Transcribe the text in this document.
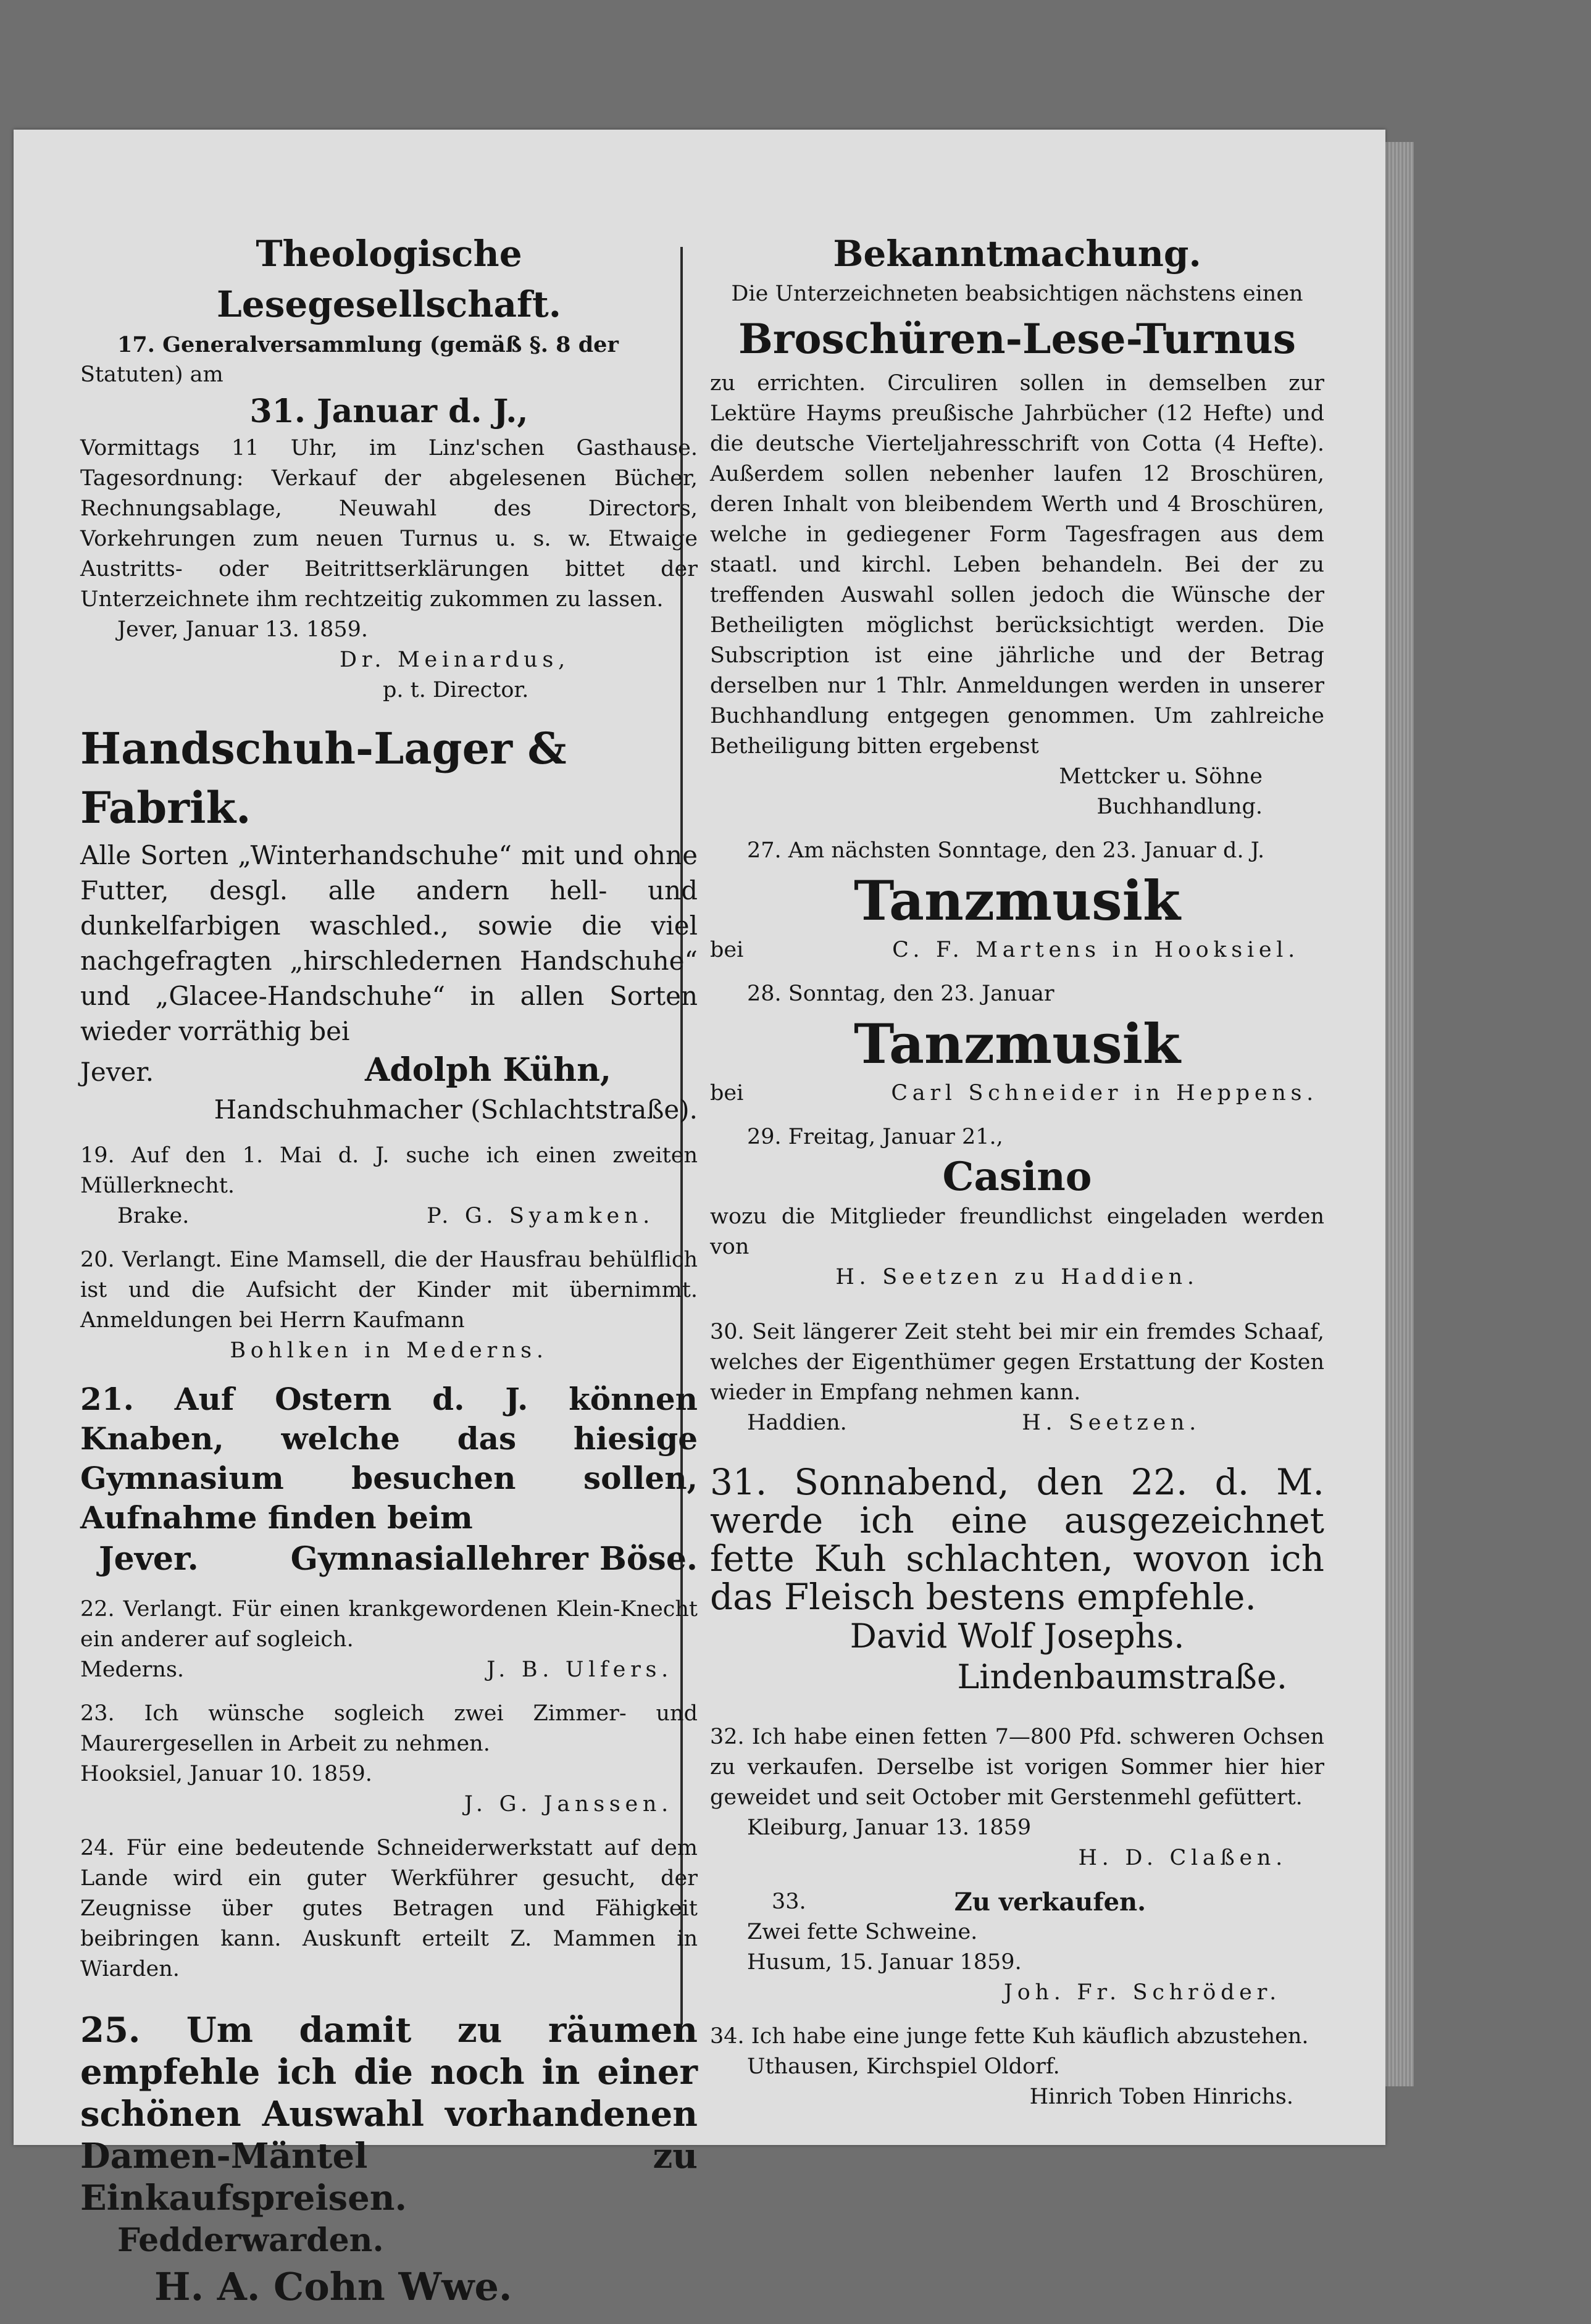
Theologische Lesegesellschaft.

17. Generalversammlung (gemäß §. 8 der

Statuten) am

31. Januar d. J.,

Vormittags 11 Uhr, im Linz'schen Gasthause. Tagesordnung: Verkauf der abgelesenen Bücher, Rechnungsablage, Neuwahl des Directors, Vorkehrungen zum neuen Turnus u. s. w. Etwaige Austritts- oder Beitrittserklärungen bittet der Unterzeichnete ihm rechtzeitig zukommen zu lassen.

Jever, Januar 13. 1859.

Dr. Meinardus,

p. t. Director.

Handschuh-Lager & Fabrik.

Alle Sorten „Winterhandschuhe“ mit und ohne Futter, desgl. alle andern hell- und dunkelfarbigen waschled., sowie die viel nachgefragten „hirschledernen Handschuhe“ und „Glacee-Handschuhe“ in allen Sorten wieder vorräthig bei

Jever.	Adolph Kühn,

Handschuhmacher (Schlachtstraße).

19. Auf den 1. Mai d. J. suche ich einen zweiten Müllerknecht.

Brake.	P. G. Syamken.

20. Verlangt. Eine Mamsell, die der Hausfrau behülflich ist und die Aufsicht der Kinder mit übernimmt. Anmeldungen bei Herrn Kaufmann

Bohlken in Mederns.

21. Auf Ostern d. J. können Knaben, welche das hiesige Gymnasium besuchen sollen, Aufnahme finden beim

Jever.	Gymnasiallehrer Böse.

22. Verlangt. Für einen krankgewordenen Klein-Knecht ein anderer auf sogleich.

Mederns.	J. B. Ulfers.

23. Ich wünsche sogleich zwei Zimmer- und Maurergesellen in Arbeit zu nehmen.

Hooksiel, Januar 10. 1859.

J. G. Janssen.

24. Für eine bedeutende Schneiderwerkstatt auf dem Lande wird ein guter Werkführer gesucht, der Zeugnisse über gutes Betragen und Fähigkeit beibringen kann. Auskunft erteilt Z. Mammen in Wiarden.

25. Um damit zu räumen empfehle ich die noch in einer schönen Auswahl vorhandenen Damen-Mäntel zu Einkaufspreisen.

Fedderwarden.

H. A. Cohn Wwe.

Bekanntmachung.

Die Unterzeichneten beabsichtigen nächstens einen

Broschüren-Lese-Turnus

zu errichten. Circuliren sollen in demselben zur Lektüre Hayms preußische Jahrbücher (12 Hefte) und die deutsche Vierteljahresschrift von Cotta (4 Hefte). Außerdem sollen nebenher laufen 12 Broschüren, deren Inhalt von bleibendem Werth und 4 Broschüren, welche in gediegener Form Tagesfragen aus dem staatl. und kirchl. Leben behandeln. Bei der zu treffenden Auswahl sollen jedoch die Wünsche der Betheiligten möglichst berücksichtigt werden. Die Subscription ist eine jährliche und der Betrag derselben nur 1 Thlr. Anmeldungen werden in unserer Buchhandlung entgegen genommen. Um zahlreiche Betheiligung bitten ergebenst

Mettcker u. Söhne

Buchhandlung.

27. Am nächsten Sonntage, den 23. Januar d. J.

Tanzmusik

bei	C. F. Martens in Hooksiel.

28. Sonntag, den 23. Januar

Tanzmusik

bei	Carl Schneider in Heppens.

29. Freitag, Januar 21.,

Casino

wozu die Mitglieder freundlichst eingeladen werden von

H. Seetzen zu Haddien.

30. Seit längerer Zeit steht bei mir ein fremdes Schaaf, welches der Eigenthümer gegen Erstattung der Kosten wieder in Empfang nehmen kann.

Haddien.	H. Seetzen.

31. Sonnabend, den 22. d. M. werde ich eine ausgezeichnet fette Kuh schlachten, wovon ich das Fleisch bestens empfehle.

David Wolf Josephs.

Lindenbaumstraße.

32. Ich habe einen fetten 7—800 Pfd. schweren Ochsen zu verkaufen. Derselbe ist vorigen Sommer hier hier geweidet und seit October mit Gerstenmehl gefüttert.

Kleiburg, Januar 13. 1859

H. D. Claßen.

33.	Zu verkaufen.

Zwei fette Schweine.

Husum, 15. Januar 1859.

Joh. Fr. Schröder.

34. Ich habe eine junge fette Kuh käuflich abzustehen.

Uthausen, Kirchspiel Oldorf.

Hinrich Toben Hinrichs.
